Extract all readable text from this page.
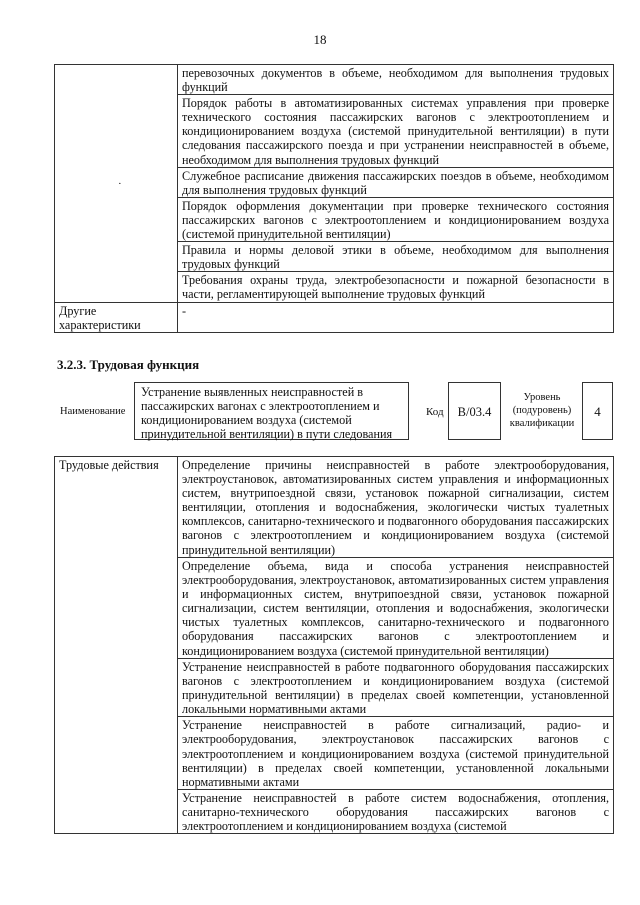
18
·
	перевозочных документов в объеме, необходимом для выполнения трудовых функций
	Порядок работы в автоматизированных системах управления при проверке технического состояния пассажирских вагонов с электроотоплением и кондиционированием воздуха (системой принудительной вентиляции) в пути следования пассажирского поезда и при устранении неисправностей в объеме, необходимом для выполнения трудовых функций
	Служебное расписание движения пассажирских поездов в объеме, необходимом для выполнения трудовых функций
	Порядок оформления документации при проверке технического состояния пассажирских вагонов с электроотоплением и кондиционированием воздуха (системой принудительной вентиляции)
	Правила и нормы деловой этики в объеме, необходимом для выполнения трудовых функций
	Требования охраны труда, электробезопасности и пожарной безопасности в части, регламентирующей выполнение трудовых функций
Другие характеристики	-
3.2.3. Трудовая функция
Наименование
Устранение выявленных неисправностей в пассажирских вагонах с электроотоплением и кондиционированием воздуха (системой принудительной вентиляции) в пути следования
Код	B/03.4
Уровень (подуровень) квалификации
4
Трудовые действия	Определение причины неисправностей в работе электрооборудования, электроустановок, автоматизированных систем управления и информационных систем, внутрипоездной связи, установок пожарной сигнализации, систем вентиляции, отопления и водоснабжения, экологически чистых туалетных комплексов, санитарно-технического и подвагонного оборудования пассажирских вагонов с электроотоплением и кондиционированием воздуха (системой принудительной вентиляции)
Определение объема, вида и способа устранения неисправностей электрооборудования, электроустановок, автоматизированных систем управления и информационных систем, внутрипоездной связи, установок пожарной сигнализации, систем вентиляции, отопления и водоснабжения, экологически чистых туалетных комплексов, санитарно-технического и подвагонного оборудования пассажирских вагонов с электроотоплением и кондиционированием воздуха (системой принудительной вентиляции)
Устранение неисправностей в работе подвагонного оборудования пассажирских вагонов с электроотоплением и кондиционированием воздуха (системой принудительной вентиляции) в пределах своей компетенции, установленной локальными нормативными актами
Устранение неисправностей в работе сигнализаций, радио- и электрооборудования, электроустановок пассажирских вагонов с электроотоплением и кондиционированием воздуха (системой принудительной вентиляции) в пределах своей компетенции, установленной локальными нормативными актами
Устранение неисправностей в работе систем водоснабжения, отопления, санитарно-технического оборудования пассажирских вагонов с электроотоплением и кондиционированием воздуха (системой
